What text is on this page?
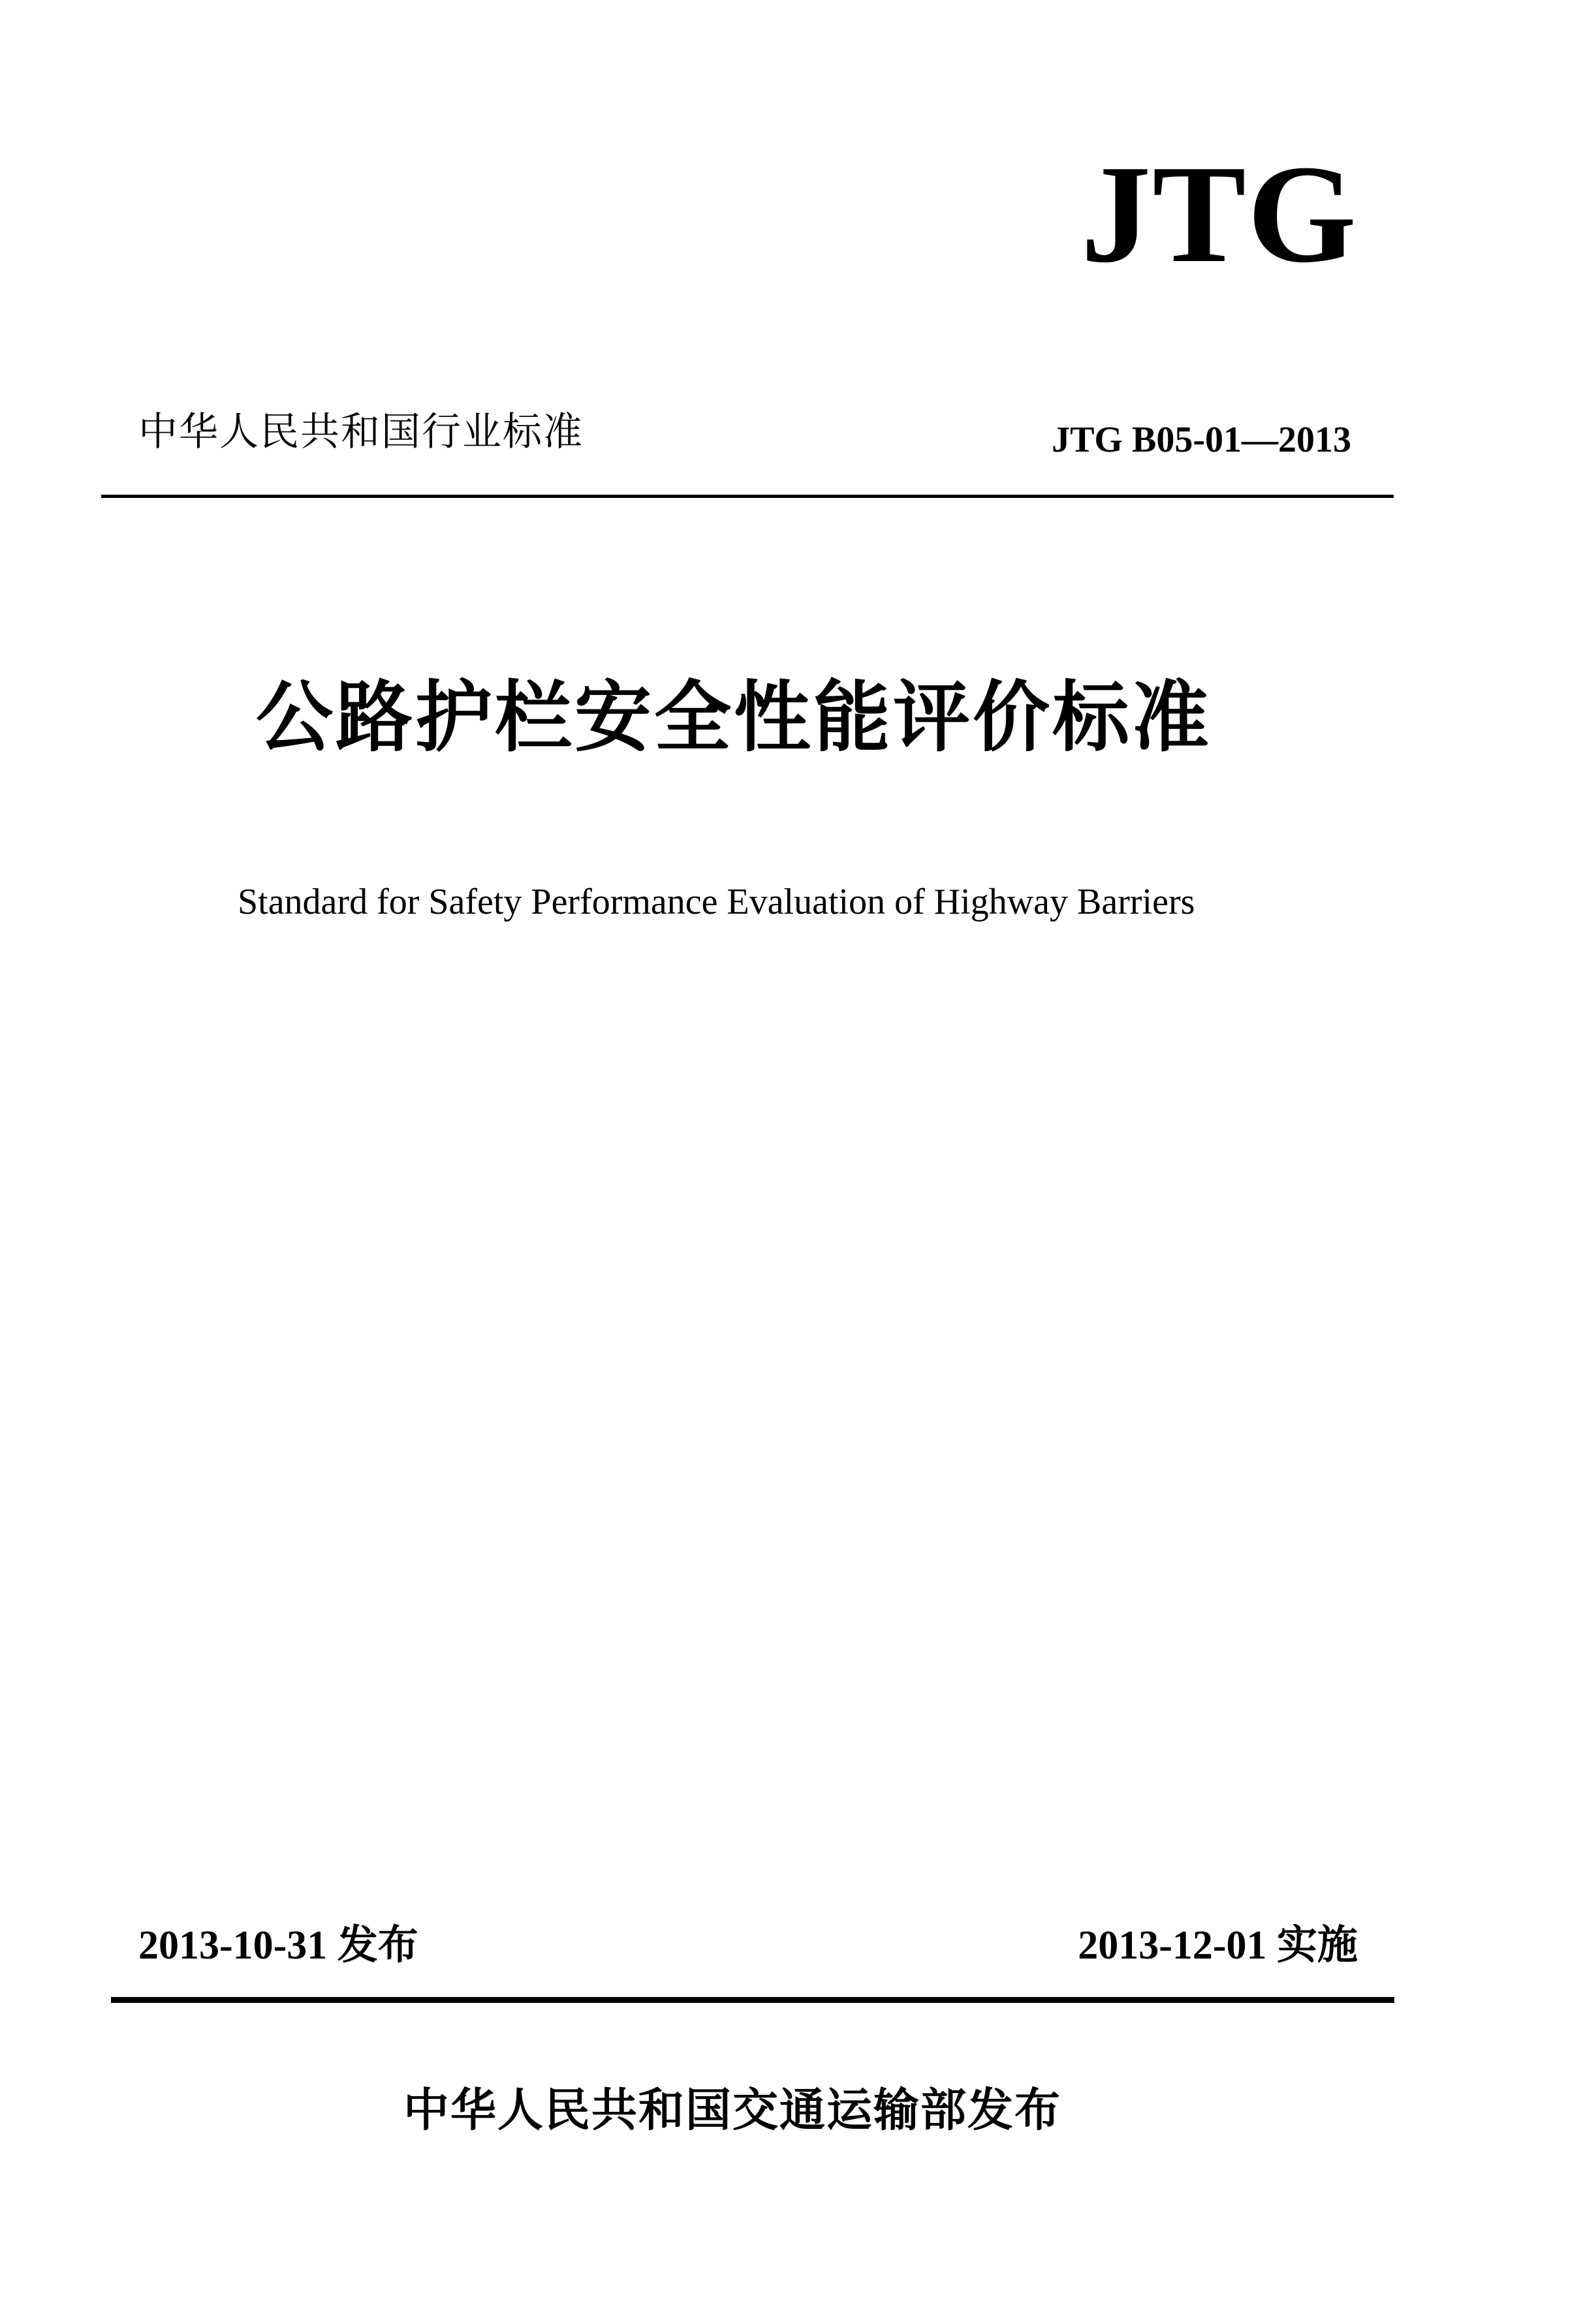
JTG
中华人民共和国行业标准	JTG B05-01—2013
公路护栏安全性能评价标准
Standard for Safety Performance Evaluation of Highway Barriers
2013-10-31 发布	2013-12-01 实施
中华人民共和国交通运输部发布
